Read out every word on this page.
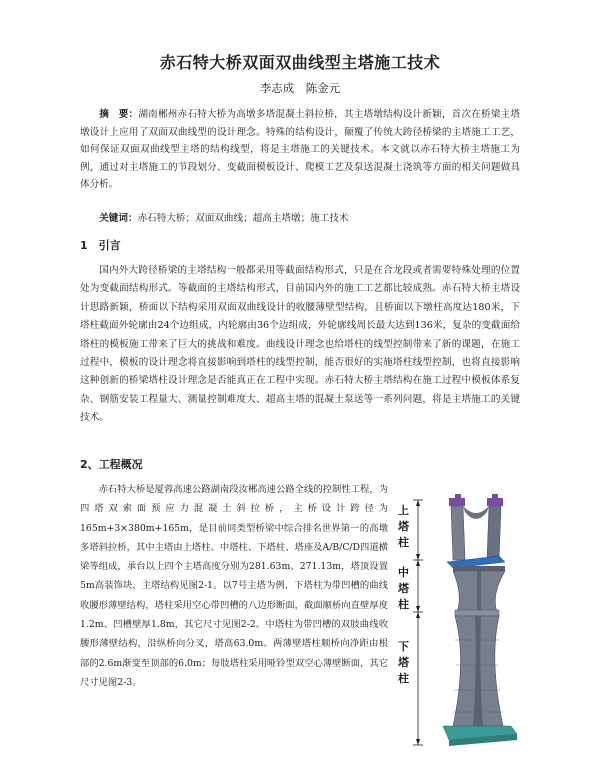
赤石特大桥双面双曲线型主塔施工技术
李志成　陈金元
摘　要：湖南郴州赤石特大桥为高墩多塔混凝土斜拉桥，其主塔墩结构设计新颖，首次在桥梁主塔墩设计上应用了双面双曲线型的设计理念。特殊的结构设计，颠覆了传统大跨径桥梁的主塔施工工艺，如何保证双面双曲线型主塔的结构线型，将是主塔施工的关键技术。本文就以赤石特大桥主塔施工为例，通过对主塔施工的节段划分、变截面模板设计、爬模工艺及泵送混凝土浇筑等方面的相关问题做具体分析。
关键词：赤石特大桥；双面双曲线；超高主塔墩；施工技术
1　引言
国内外大跨径桥梁的主塔结构一般都采用等截面结构形式，只是在合龙段或者需要特殊处理的位置处为变截面结构形式。等截面的主塔结构形式，目前国内外的施工工艺都比较成熟。赤石特大桥主塔设计思路新颖，桥面以下结构采用双面双曲线设计的收腰薄壁型结构，且桥面以下墩柱高度达180米，下塔柱截面外轮廓由24个边组成，内轮廓由36个边组成，外轮廓线周长最大达到136米，复杂的变截面给塔柱的模板施工带来了巨大的挑战和难度。曲线设计理念也给塔柱的线型控制带来了新的课题，在施工过程中，模板的设计理念将直接影响到塔柱的线型控制，能否很好的实施塔柱线型控制，也将直接影响这种创新的桥梁塔柱设计理念是否能真正在工程中实现。赤石特大桥主塔结构在施工过程中模板体系复杂、钢筋安装工程量大、测量控制难度大、超高主塔的混凝土泵送等一系列问题，将是主塔施工的关键技术。
2、工程概况
赤石特大桥是厦蓉高速公路湖南段汝郴高速公路全线的控制性工程，为四塔双索面预应力混凝土斜拉桥，主桥设计跨径为165m+3×380m+165m，是目前同类型桥梁中综合排名世界第一的高墩多塔斜拉桥，其中主塔由上塔柱、中塔柱、下塔柱、塔座及A/B/C/D四道横梁等组成，承台以上四个主塔高度分别为281.63m、271.13m，塔顶设置5m高装饰块，主塔结构见图2-1。以7号主塔为例，下塔柱为带凹槽的曲线收腰形薄壁结构，塔柱采用空心带凹槽的八边形断面，截面顺桥向直壁厚度1.2m、凹槽壁厚1.8m，其它尺寸见图2-2。中塔柱为带凹槽的双肢曲线收腰形薄壁结构，沿纵桥向分叉，塔高63.0m。两薄壁塔柱顺桥向净距由根部的2.6m渐变至顶部的6.0m；每肢塔柱采用哑铃型双空心薄壁断面，其它尺寸见图2-3。
上
塔
柱
中
塔
柱
下
塔
柱
